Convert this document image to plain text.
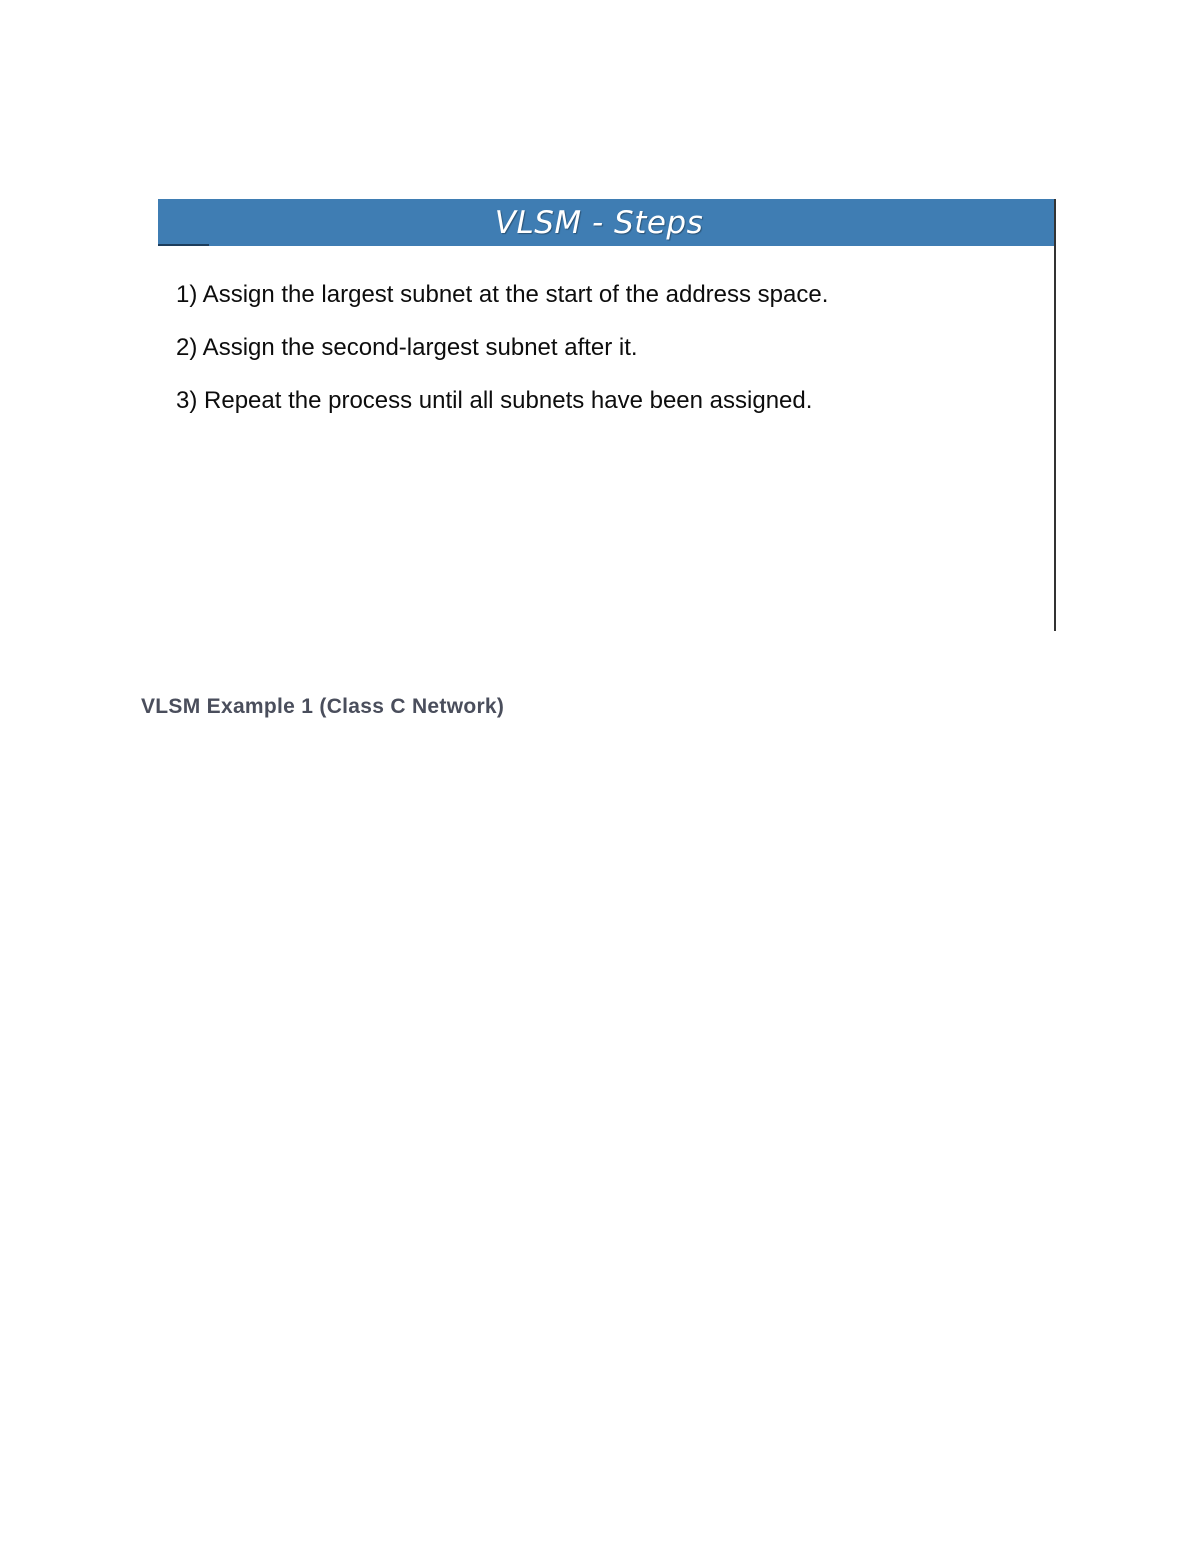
VLSM - Steps
1) Assign the largest subnet at the start of the address space.
2) Assign the second-largest subnet after it.
3) Repeat the process until all subnets have been assigned.
VLSM Example 1 (Class C Network)
